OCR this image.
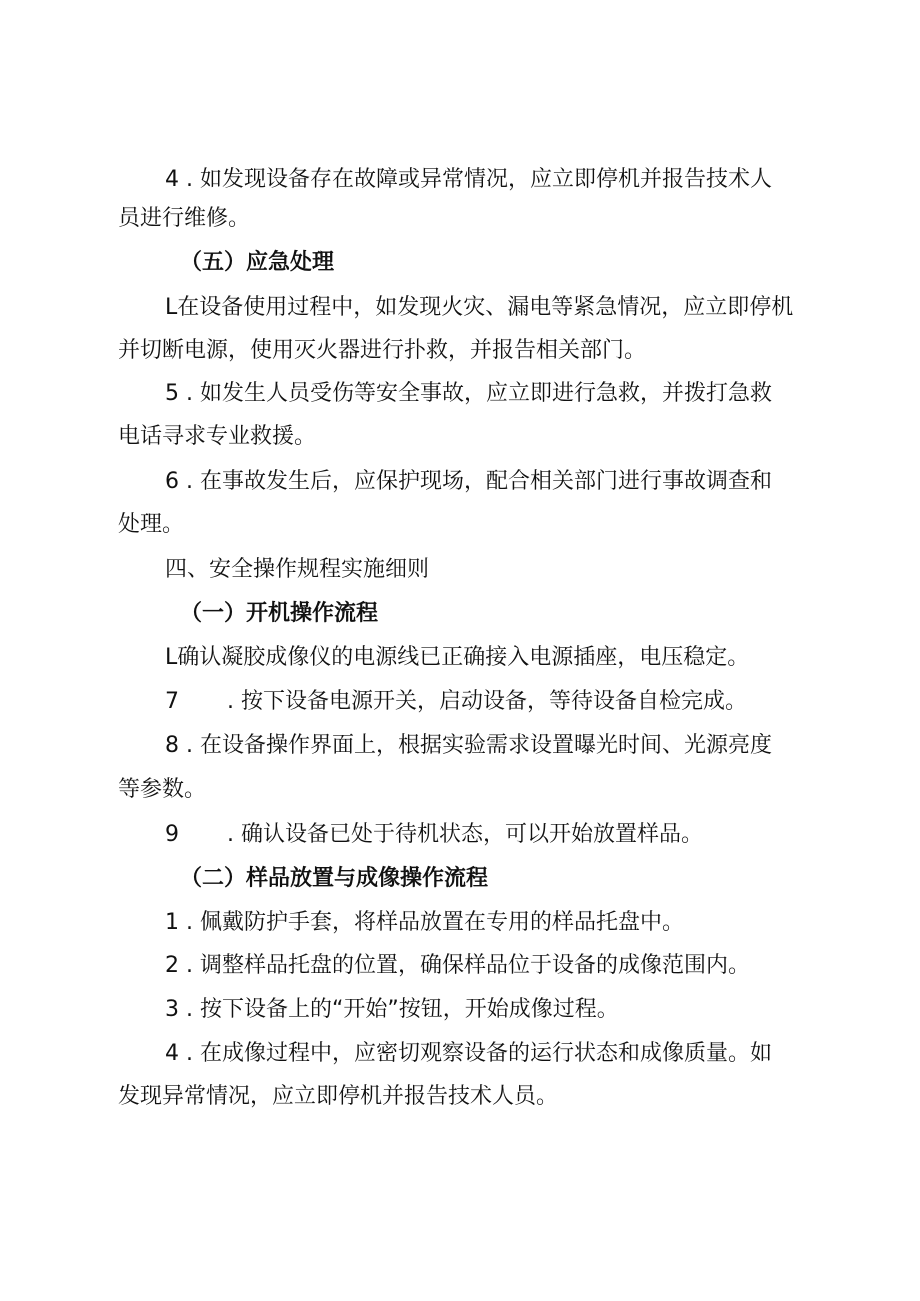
4 . 如发现设备存在故障或异常情况，应立即停机并报告技术人
员进行维修。
（五）应急处理
L在设备使用过程中，如发现火灾、漏电等紧急情况，应立即停机
并切断电源，使用灭火器进行扑救，并报告相关部门。
5 . 如发生人员受伤等安全事故，应立即进行急救，并拨打急救
电话寻求专业救援。
6 . 在事故发生后，应保护现场，配合相关部门进行事故调查和
处理。
四、安全操作规程实施细则
（一）开机操作流程
L确认凝胶成像仪的电源线已正确接入电源插座，电压稳定。
7 . 按下设备电源开关，启动设备，等待设备自检完成。
8 . 在设备操作界面上，根据实验需求设置曝光时间、光源亮度
等参数。
9 . 确认设备已处于待机状态，可以开始放置样品。
（二）样品放置与成像操作流程
1 . 佩戴防护手套，将样品放置在专用的样品托盘中。
2 . 调整样品托盘的位置，确保样品位于设备的成像范围内。
3 . 按下设备上的“开始”按钮，开始成像过程。
4 . 在成像过程中，应密切观察设备的运行状态和成像质量。如
发现异常情况，应立即停机并报告技术人员。
